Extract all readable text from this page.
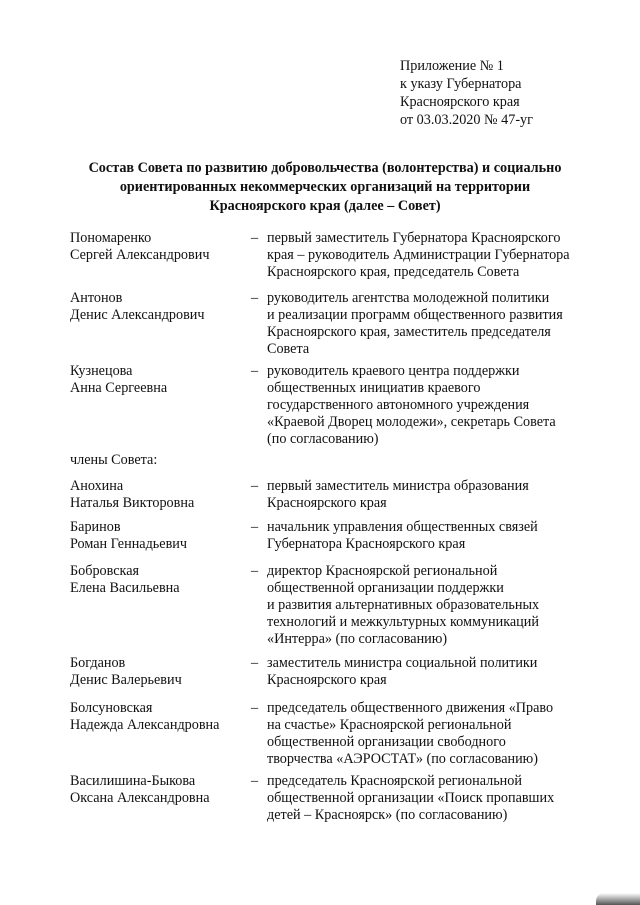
Приложение № 1
к указу Губернатора
Красноярского края
от 03.03.2020 № 47-уг
Состав Совета по развитию добровольчества (волонтерства) и социально
ориентированных некоммерческих организаций на территории
Красноярского края (далее – Совет)
Пономаренко
Сергей Александрович
– первый заместитель Губернатора Красноярского
края – руководитель Администрации Губернатора
Красноярского края, председатель Совета
Антонов
Денис Александрович
– руководитель агентства молодежной политики
и реализации программ общественного развития
Красноярского края, заместитель председателя
Совета
Кузнецова
Анна Сергеевна
– руководитель краевого центра поддержки
общественных инициатив краевого
государственного автономного учреждения
«Краевой Дворец молодежи», секретарь Совета
(по согласованию)
члены Совета:
Анохина
Наталья Викторовна
– первый заместитель министра образования
Красноярского края
Баринов
Роман Геннадьевич
– начальник управления общественных связей
Губернатора Красноярского края
Бобровская
Елена Васильевна
– директор Красноярской региональной
общественной организации поддержки
и развития альтернативных образовательных
технологий и межкультурных коммуникаций
«Интерра» (по согласованию)
Богданов
Денис Валерьевич
– заместитель министра социальной политики
Красноярского края
Болсуновская
Надежда Александровна
– председатель общественного движения «Право
на счастье» Красноярской региональной
общественной организации свободного
творчества «АЭРОСТАТ» (по согласованию)
Василишина-Быкова
Оксана Александровна
– председатель Красноярской региональной
общественной организации «Поиск пропавших
детей – Красноярск» (по согласованию)
